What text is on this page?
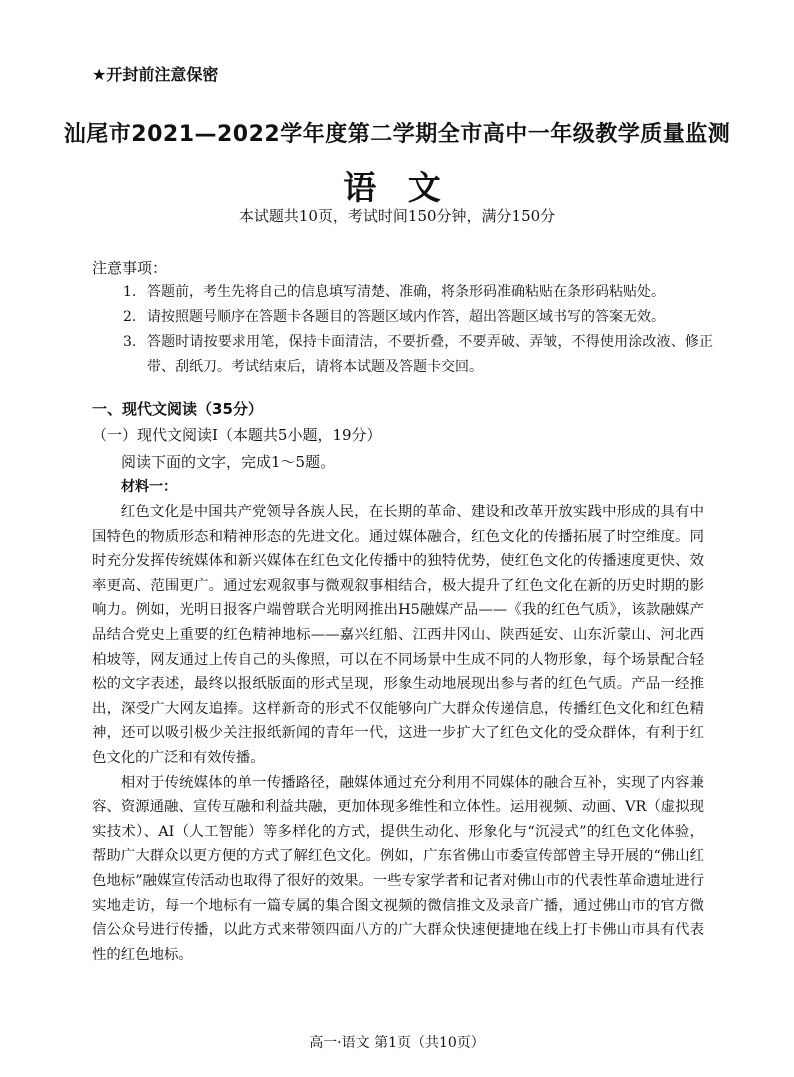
★开封前注意保密
汕尾市2021—2022学年度第二学期全市高中一年级教学质量监测
语 文
本试题共10页，考试时间150分钟，满分150分
注意事项：
1. 答题前，考生先将自己的信息填写清楚、准确，将条形码准确粘贴在条形码粘贴处。
2. 请按照题号顺序在答题卡各题目的答题区域内作答，超出答题区域书写的答案无效。
3. 答题时请按要求用笔，保持卡面清洁，不要折叠，不要弄破、弄皱，不得使用涂改液、修正带、刮纸刀。考试结束后，请将本试题及答题卡交回。
一、现代文阅读（35分）
（一）现代文阅读Ⅰ（本题共5小题，19分）
阅读下面的文字，完成1～5题。
材料一：

红色文化是中国共产党领导各族人民，在长期的革命、建设和改革开放实践中形成的具有中国特色的物质形态和精神形态的先进文化。通过媒体融合，红色文化的传播拓展了时空维度。同时充分发挥传统媒体和新兴媒体在红色文化传播中的独特优势，使红色文化的传播速度更快、效率更高、范围更广。通过宏观叙事与微观叙事相结合，极大提升了红色文化在新的历史时期的影响力。例如，光明日报客户端曾联合光明网推出H5融媒产品——《我的红色气质》，该款融媒产品结合党史上重要的红色精神地标——嘉兴红船、江西井冈山、陕西延安、山东沂蒙山、河北西柏坡等，网友通过上传自己的头像照，可以在不同场景中生成不同的人物形象，每个场景配合轻松的文字表述，最终以报纸版面的形式呈现，形象生动地展现出参与者的红色气质。产品一经推出，深受广大网友追捧。这样新奇的形式不仅能够向广大群众传递信息，传播红色文化和红色精神，还可以吸引极少关注报纸新闻的青年一代，这进一步扩大了红色文化的受众群体，有利于红色文化的广泛和有效传播。

相对于传统媒体的单一传播路径，融媒体通过充分利用不同媒体的融合互补，实现了内容兼容、资源通融、宣传互融和利益共融，更加体现多维性和立体性。运用视频、动画、VR（虚拟现实技术）、AI（人工智能）等多样化的方式，提供生动化、形象化与“沉浸式”的红色文化体验，帮助广大群众以更方便的方式了解红色文化。例如，广东省佛山市委宣传部曾主导开展的“佛山红色地标”融媒宣传活动也取得了很好的效果。一些专家学者和记者对佛山市的代表性革命遗址进行实地走访，每一个地标有一篇专属的集合图文视频的微信推文及录音广播，通过佛山市的官方微信公众号进行传播，以此方式来带领四面八方的广大群众快速便捷地在线上打卡佛山市具有代表性的红色地标。

高一·语文 第1页（共10页）
